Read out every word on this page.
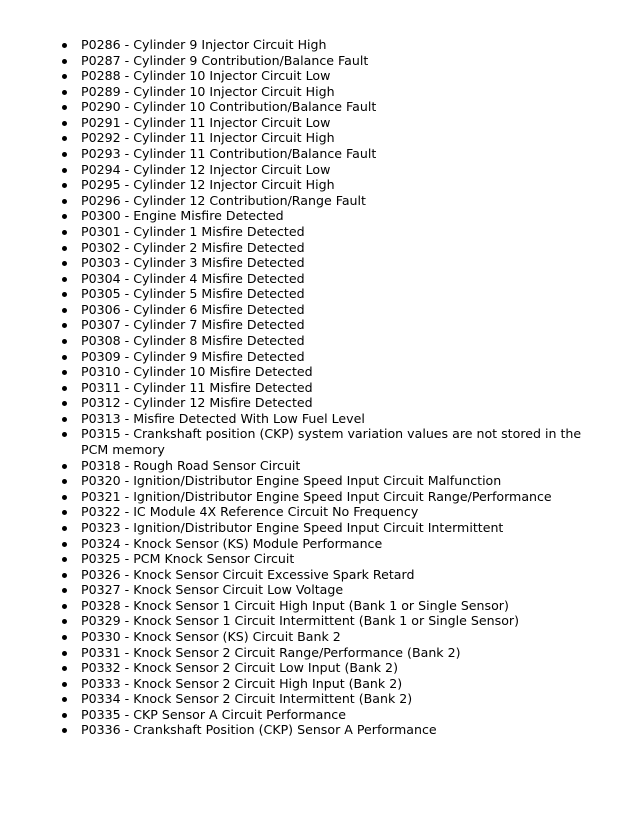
P0286 - Cylinder 9 Injector Circuit High
P0287 - Cylinder 9 Contribution/Balance Fault
P0288 - Cylinder 10 Injector Circuit Low
P0289 - Cylinder 10 Injector Circuit High
P0290 - Cylinder 10 Contribution/Balance Fault
P0291 - Cylinder 11 Injector Circuit Low
P0292 - Cylinder 11 Injector Circuit High
P0293 - Cylinder 11 Contribution/Balance Fault
P0294 - Cylinder 12 Injector Circuit Low
P0295 - Cylinder 12 Injector Circuit High
P0296 - Cylinder 12 Contribution/Range Fault
P0300 - Engine Misfire Detected
P0301 - Cylinder 1 Misfire Detected
P0302 - Cylinder 2 Misfire Detected
P0303 - Cylinder 3 Misfire Detected
P0304 - Cylinder 4 Misfire Detected
P0305 - Cylinder 5 Misfire Detected
P0306 - Cylinder 6 Misfire Detected
P0307 - Cylinder 7 Misfire Detected
P0308 - Cylinder 8 Misfire Detected
P0309 - Cylinder 9 Misfire Detected
P0310 - Cylinder 10 Misfire Detected
P0311 - Cylinder 11 Misfire Detected
P0312 - Cylinder 12 Misfire Detected
P0313 - Misfire Detected With Low Fuel Level
P0315 - Crankshaft position (CKP) system variation values are not stored in the PCM memory
P0318 - Rough Road Sensor Circuit
P0320 - Ignition/Distributor Engine Speed Input Circuit Malfunction
P0321 - Ignition/Distributor Engine Speed Input Circuit Range/Performance
P0322 - IC Module 4X Reference Circuit No Frequency
P0323 - Ignition/Distributor Engine Speed Input Circuit Intermittent
P0324 - Knock Sensor (KS) Module Performance
P0325 - PCM Knock Sensor Circuit
P0326 - Knock Sensor Circuit Excessive Spark Retard
P0327 - Knock Sensor Circuit Low Voltage
P0328 - Knock Sensor 1 Circuit High Input (Bank 1 or Single Sensor)
P0329 - Knock Sensor 1 Circuit Intermittent (Bank 1 or Single Sensor)
P0330 - Knock Sensor (KS) Circuit Bank 2
P0331 - Knock Sensor 2 Circuit Range/Performance (Bank 2)
P0332 - Knock Sensor 2 Circuit Low Input (Bank 2)
P0333 - Knock Sensor 2 Circuit High Input (Bank 2)
P0334 - Knock Sensor 2 Circuit Intermittent (Bank 2)
P0335 - CKP Sensor A Circuit Performance
P0336 - Crankshaft Position (CKP) Sensor A Performance
